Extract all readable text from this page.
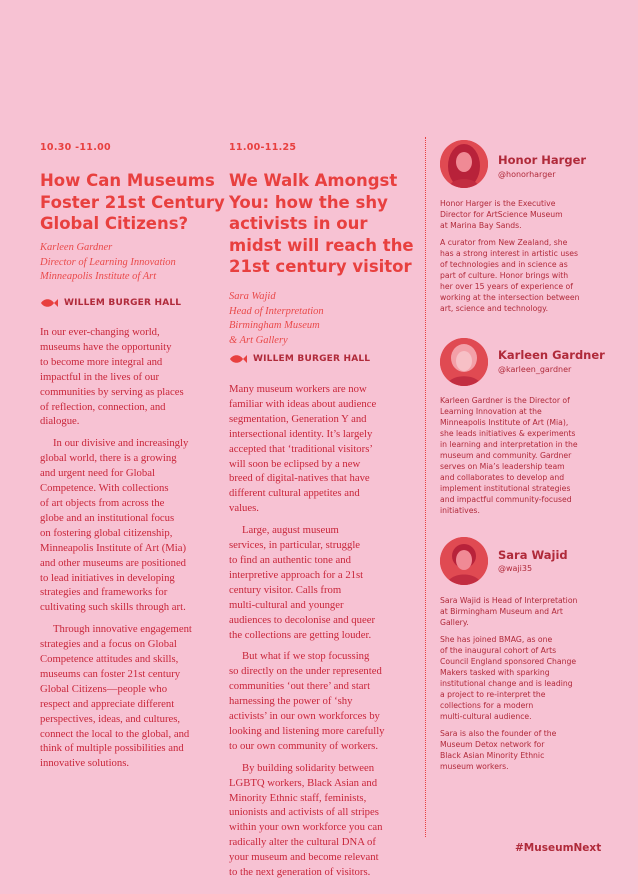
10.30 -11.00
How Can Museums
Foster 21st Century
Global Citizens?
Karleen Gardner
Director of Learning Innovation
Minneapolis Institute of Art
WILLEM BURGER HALL

In our ever-changing world,
museums have the opportunity
to become more integral and
impactful in the lives of our
communities by serving as places
of reflection, connection, and
dialogue.

In our divisive and increasingly
global world, there is a growing
and urgent need for Global
Competence. With collections
of art objects from across the
globe and an institutional focus
on fostering global citizenship,
Minneapolis Institute of Art (Mia)
and other museums are positioned
to lead initiatives in developing
strategies and frameworks for
cultivating such skills through art.

Through innovative engagement
strategies and a focus on Global
Competence attitudes and skills,
museums can foster 21st century
Global Citizens—people who
respect and appreciate different
perspectives, ideas, and cultures,
connect the local to the global, and
think of multiple possibilities and
innovative solutions.

11.00-11.25
We Walk Amongst
You: how the shy
activists in our
midst will reach the
21st century visitor
Sara Wajid
Head of Interpretation
Birmingham Museum
& Art Gallery
WILLEM BURGER HALL

Many museum workers are now
familiar with ideas about audience
segmentation, Generation Y and
intersectional identity. It’s largely
accepted that ‘traditional visitors’
will soon be eclipsed by a new
breed of digital-natives that have
different cultural appetites and
values.

Large, august museum
services, in particular, struggle
to find an authentic tone and
interpretive approach for a 21st
century visitor. Calls from
multi-cultural and younger
audiences to decolonise and queer
the collections are getting louder.

But what if we stop focussing
so directly on the under represented
communities ‘out there’ and start
harnessing the power of ‘shy
activists’ in our own workforces by
looking and listening more carefully
to our own community of workers.

By building solidarity between
LGBTQ workers, Black Asian and
Minority Ethnic staff, feminists,
unionists and activists of all stripes
within your own workforce you can
radically alter the cultural DNA of
your museum and become relevant
to the next generation of visitors.

Honor Harger
@honorharger

Honor Harger is the Executive
Director for ArtScience Museum
at Marina Bay Sands.

A curator from New Zealand, she
has a strong interest in artistic uses
of technologies and in science as
part of culture. Honor brings with
her over 15 years of experience of
working at the intersection between
art, science and technology.

Karleen Gardner
@karleen_gardner

Karleen Gardner is the Director of
Learning Innovation at the
Minneapolis Institute of Art (Mia),
she leads initiatives & experiments
in learning and interpretation in the
museum and community. Gardner
serves on Mia’s leadership team
and collaborates to develop and
implement institutional strategies
and impactful community-focused
initiatives.

Sara Wajid
@waji35

Sara Wajid is Head of Interpretation
at Birmingham Museum and Art
Gallery.

She has joined BMAG, as one
of the inaugural cohort of Arts
Council England sponsored Change
Makers tasked with sparking
institutional change and is leading
a project to re-interpret the
collections for a modern
multi-cultural audience.

Sara is also the founder of the
Museum Detox network for
Black Asian Minority Ethnic
museum workers.

#MuseumNext
